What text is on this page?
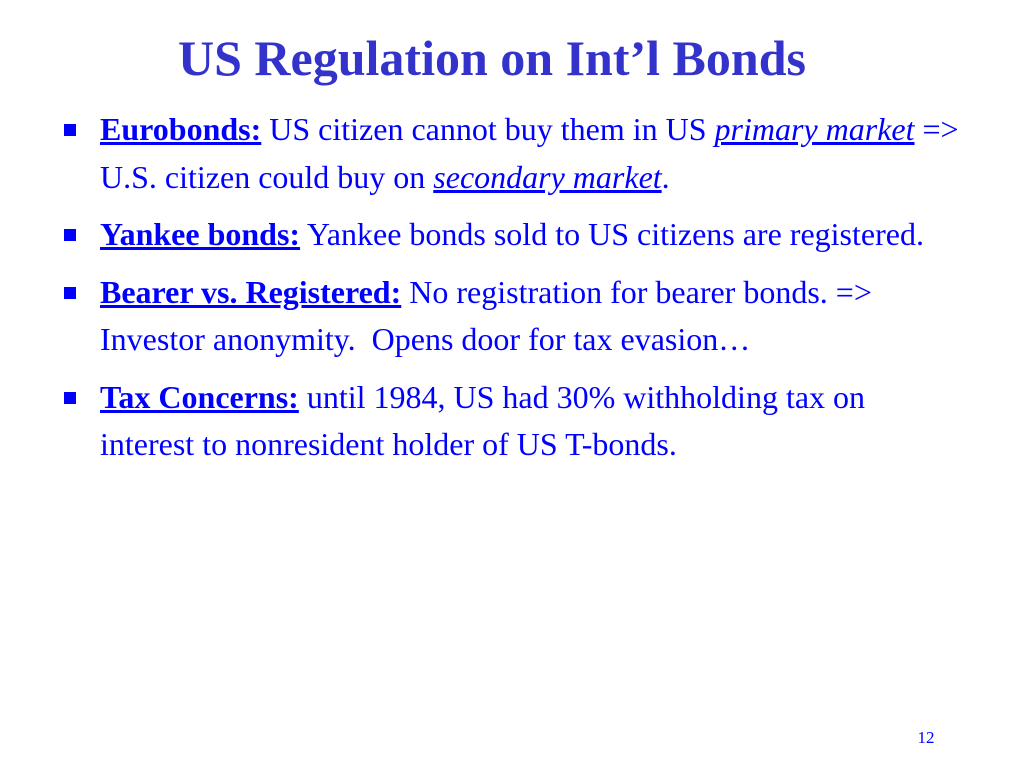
US Regulation on Int’l Bonds
Eurobonds: US citizen cannot buy them in US primary market => U.S. citizen could buy on secondary market.
Yankee bonds: Yankee bonds sold to US citizens are registered.
Bearer vs. Registered: No registration for bearer bonds. => Investor anonymity.  Opens door for tax evasion…
Tax Concerns: until 1984, US had 30% withholding tax on interest to nonresident holder of US T-bonds.
12
